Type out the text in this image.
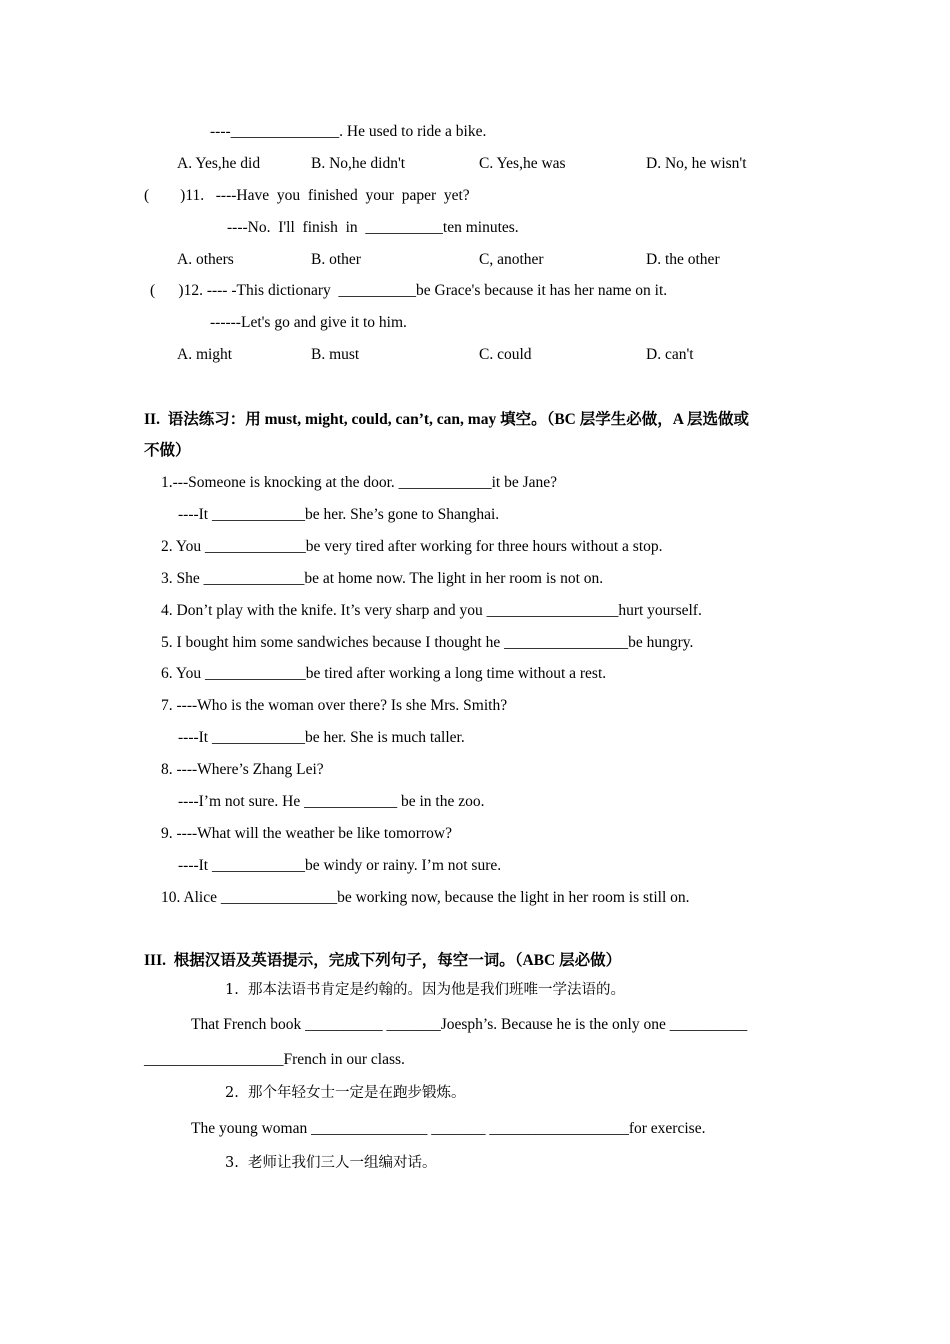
----______________. He used to ride a bike.
A. Yes,he did	B. No,he didn't	C. Yes,he was	D. No, he wisn't
(        )11.   ----Have  you  finished  your  paper  yet?
----No.  I'll  finish  in  __________ten minutes.
A. others	B. other	C, another	D. the other
(      )12. ---- -This dictionary  __________be Grace's because it has her name on it.
------Let's go and give it to him.
A. might	B. must	C. could	D. can't
II.  语法练习：用 must, might, could, can’t, can, may 填空。（BC 层学生必做，A 层选做或
不做）
1.---Someone is knocking at the door. ____________it be Jane?
----It ____________be her. She’s gone to Shanghai.
2. You _____________be very tired after working for three hours without a stop.
3. She _____________be at home now. The light in her room is not on.
4. Don’t play with the knife. It’s very sharp and you _________________hurt yourself.
5. I bought him some sandwiches because I thought he ________________be hungry.
6. You _____________be tired after working a long time without a rest.
7. ----Who is the woman over there? Is she Mrs. Smith?
----It ____________be her. She is much taller.
8. ----Where’s Zhang Lei?
----I’m not sure. He ____________ be in the zoo.
9. ----What will the weather be like tomorrow?
----It ____________be windy or rainy. I’m not sure.
10. Alice _______________be working now, because the light in her room is still on.
III.  根据汉语及英语提示，完成下列句子，每空一词。（ABC 层必做）
1.  那本法语书肯定是约翰的。因为他是我们班唯一学法语的。
That French book __________ _______Joesph’s. Because he is the only one __________
__________________French in our class.
2.  那个年轻女士一定是在跑步锻炼。
The young woman _______________ _______ __________________for exercise.
3.  老师让我们三人一组编对话。
